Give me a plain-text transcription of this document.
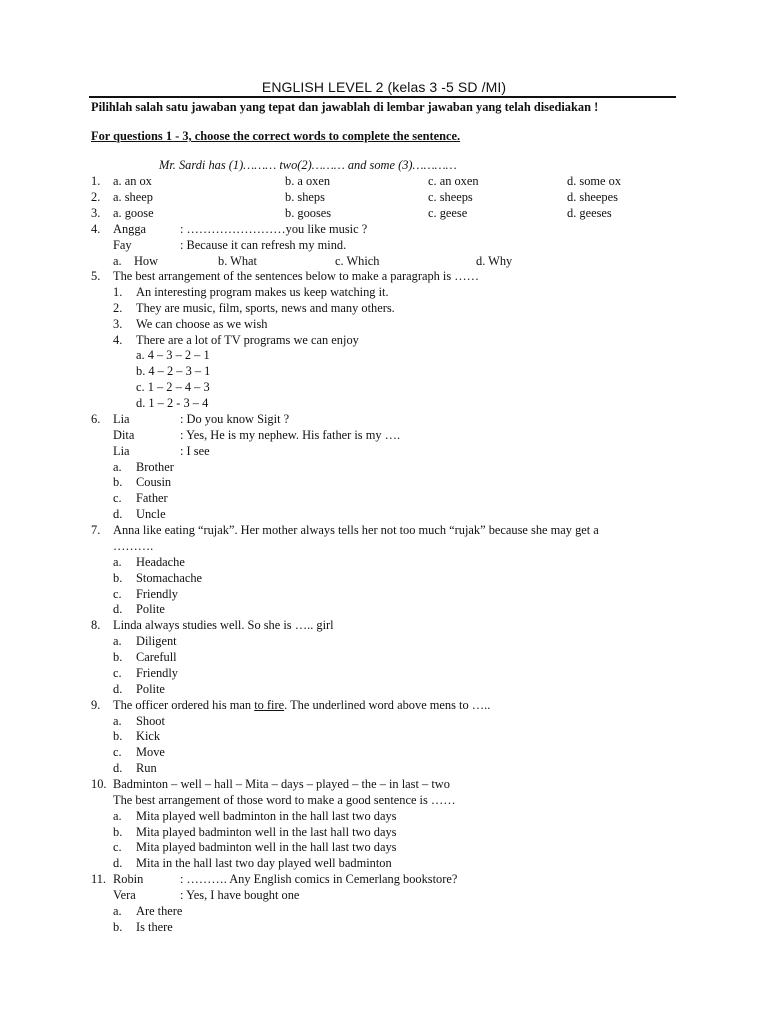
ENGLISH LEVEL 2 (kelas 3 -5 SD /MI)
Pilihlah salah satu jawaban yang tepat dan jawablah di lembar jawaban yang telah disediakan !
For questions 1 - 3, choose the correct words to complete the sentence.
Mr. Sardi has (1)……… two(2)……… and some (3)…………
1. a. an ox	b. a oxen	c. an oxen	d. some ox
2. a. sheep	b. sheps	c. sheeps	d. sheepes
3. a. goose	b. gooses	c. geese	d. geeses
4. Angga	: ……………………you like music ?
Fay	: Because it can refresh my mind.
a.    How	b. What	c. Which	d. Why
5. The best arrangement of the sentences below to make a paragraph is ……
1. An interesting program makes us keep watching it.
2. They are music, film, sports, news and many others.
3. We can choose as we wish
4. There are a lot of TV programs we can enjoy
a. 4 – 3 – 2 – 1
b. 4 – 2 – 3 – 1
c. 1 – 2 – 4 – 3
d. 1 – 2 - 3 – 4
6. Lia	: Do you know Sigit ?
Dita	: Yes, He is my nephew. His father is my ….
Lia	: I see
a. Brother
b. Cousin
c. Father
d. Uncle
7. Anna like eating “rujak”. Her mother always tells her not too much “rujak” because she may get a
……….
a. Headache
b. Stomachache
c. Friendly
d. Polite
8. Linda always studies well. So she is ….. girl
a. Diligent
b. Carefull
c. Friendly
d. Polite
9. The officer ordered his man to fire. The underlined word above mens to …..
a. Shoot
b. Kick
c. Move
d. Run
10. Badminton – well – hall – Mita – days – played – the – in last – two
The best arrangement of those word to make a good sentence is ……
a. Mita played well badminton in the hall last two days
b. Mita played badminton well in the last hall two days
c. Mita played badminton well in the hall last two days
d. Mita in the hall last two day played well badminton
11. Robin	: ………. Any English comics in Cemerlang bookstore?
Vera	: Yes, I have bought one
a. Are there
b. Is there
